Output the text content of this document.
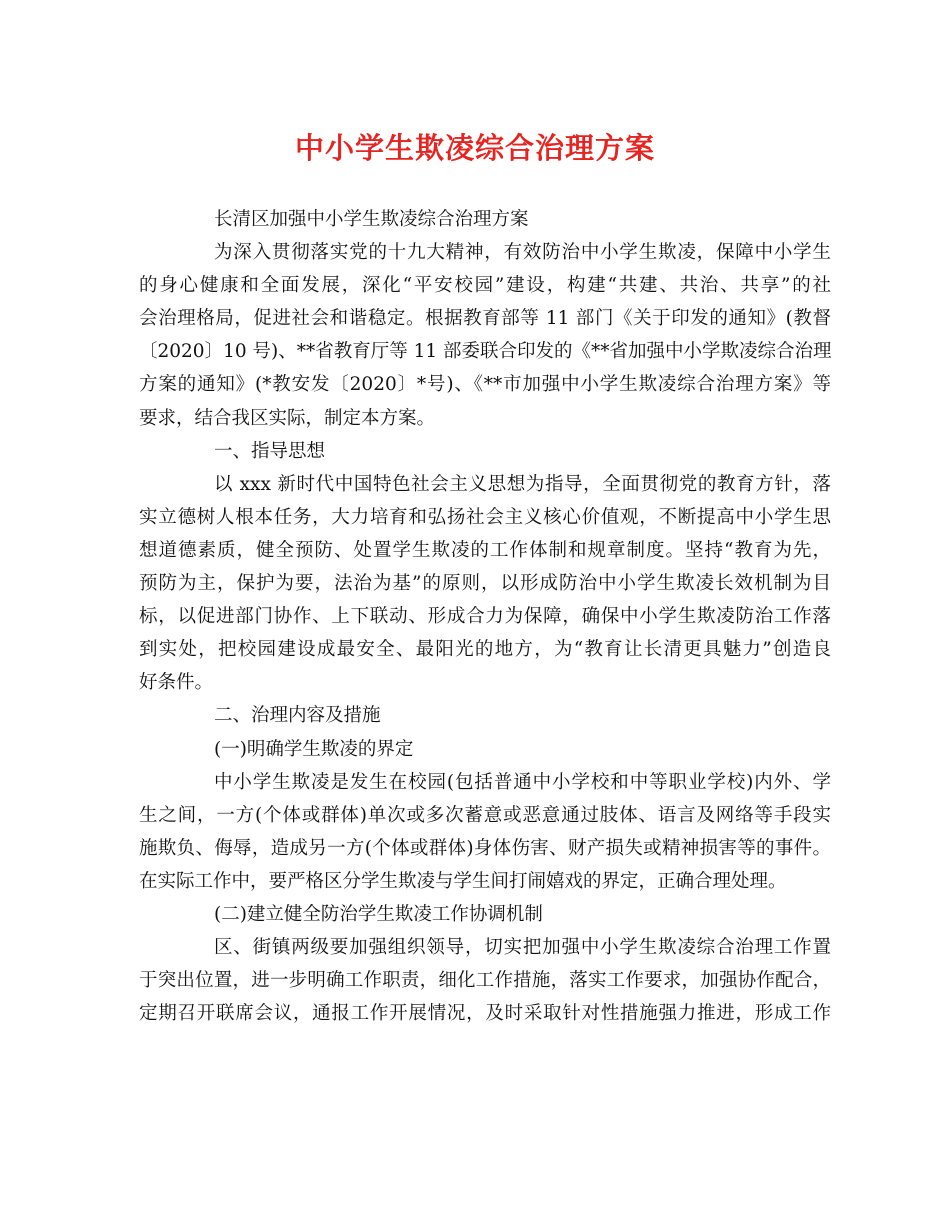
中小学生欺凌综合治理方案
长清区加强中小学生欺凌综合治理方案
为深入贯彻落实党的十九大精神，有效防治中小学生欺凌，保障中小学生
的身心健康和全面发展，深化“平安校园”建设，构建“共建、共治、共享”的社
会治理格局，促进社会和谐稳定。根据教育部等 11 部门《关于印发的通知》(教督
〔2020〕10 号)、**省教育厅等 11 部委联合印发的《**省加强中小学欺凌综合治理
方案的通知》(*教安发〔2020〕*号)、《**市加强中小学生欺凌综合治理方案》等
要求，结合我区实际，制定本方案。
一、指导思想
以 xxx 新时代中国特色社会主义思想为指导，全面贯彻党的教育方针，落
实立德树人根本任务，大力培育和弘扬社会主义核心价值观，不断提高中小学生思
想道德素质，健全预防、处置学生欺凌的工作体制和规章制度。坚持“教育为先，
预防为主，保护为要，法治为基”的原则，以形成防治中小学生欺凌长效机制为目
标，以促进部门协作、上下联动、形成合力为保障，确保中小学生欺凌防治工作落
到实处，把校园建设成最安全、最阳光的地方，为“教育让长清更具魅力”创造良
好条件。
二、治理内容及措施
(一)明确学生欺凌的界定
中小学生欺凌是发生在校园(包括普通中小学校和中等职业学校)内外、学
生之间，一方(个体或群体)单次或多次蓄意或恶意通过肢体、语言及网络等手段实
施欺负、侮辱，造成另一方(个体或群体)身体伤害、财产损失或精神损害等的事件。
在实际工作中，要严格区分学生欺凌与学生间打闹嬉戏的界定，正确合理处理。
(二)建立健全防治学生欺凌工作协调机制
区、街镇两级要加强组织领导，切实把加强中小学生欺凌综合治理工作置
于突出位置，进一步明确工作职责，细化工作措施，落实工作要求，加强协作配合，
定期召开联席会议，通报工作开展情况，及时采取针对性措施强力推进，形成工作
